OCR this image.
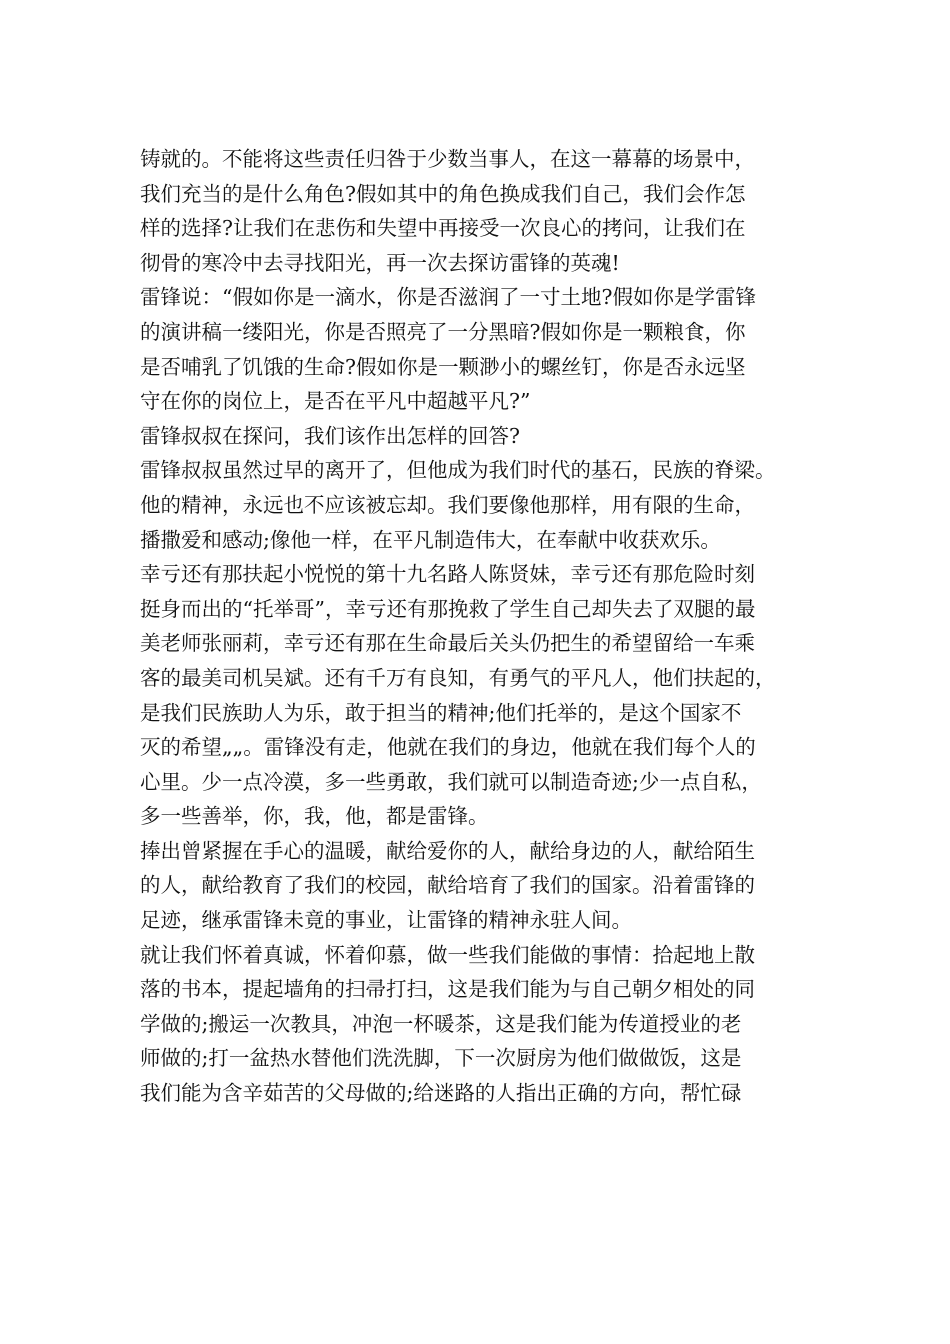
铸就的。不能将这些责任归咎于少数当事人，在这一幕幕的场景中，
我们充当的是什么角色?假如其中的角色换成我们自己，我们会作怎
样的选择?让我们在悲伤和失望中再接受一次良心的拷问，让我们在
彻骨的寒冷中去寻找阳光，再一次去探访雷锋的英魂!
雷锋说：“假如你是一滴水，你是否滋润了一寸土地?假如你是学雷锋
的演讲稿一缕阳光，你是否照亮了一分黑暗?假如你是一颗粮食，你
是否哺乳了饥饿的生命?假如你是一颗渺小的螺丝钉，你是否永远坚
守在你的岗位上，是否在平凡中超越平凡?”
雷锋叔叔在探问，我们该作出怎样的回答?
雷锋叔叔虽然过早的离开了，但他成为我们时代的基石，民族的脊梁。
他的精神，永远也不应该被忘却。我们要像他那样，用有限的生命，
播撒爱和感动;像他一样，在平凡制造伟大，在奉献中收获欢乐。
幸亏还有那扶起小悦悦的第十九名路人陈贤妹，幸亏还有那危险时刻
挺身而出的“托举哥”，幸亏还有那挽救了学生自己却失去了双腿的最
美老师张丽莉，幸亏还有那在生命最后关头仍把生的希望留给一车乘
客的最美司机吴斌。还有千万有良知，有勇气的平凡人，他们扶起的，
是我们民族助人为乐，敢于担当的精神;他们托举的，是这个国家不
灭的希望„„。雷锋没有走，他就在我们的身边，他就在我们每个人的
心里。少一点冷漠，多一些勇敢，我们就可以制造奇迹;少一点自私，
多一些善举，你，我，他，都是雷锋。
捧出曾紧握在手心的温暖，献给爱你的人，献给身边的人，献给陌生
的人，献给教育了我们的校园，献给培育了我们的国家。沿着雷锋的
足迹，继承雷锋未竟的事业，让雷锋的精神永驻人间。
就让我们怀着真诚，怀着仰慕，做一些我们能做的事情：拾起地上散
落的书本，提起墙角的扫帚打扫，这是我们能为与自己朝夕相处的同
学做的;搬运一次教具，冲泡一杯暖茶，这是我们能为传道授业的老
师做的;打一盆热水替他们洗洗脚，下一次厨房为他们做做饭，这是
我们能为含辛茹苦的父母做的;给迷路的人指出正确的方向，帮忙碌
